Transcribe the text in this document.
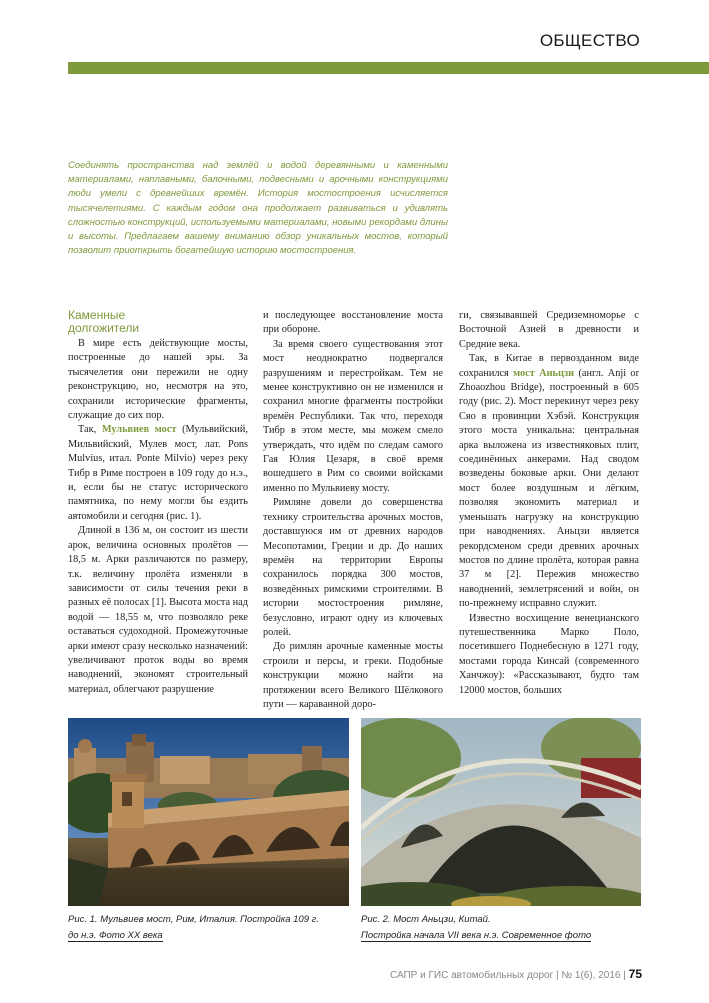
ОБЩЕСТВО
Соединять пространства над землёй и водой деревянными и каменными материалами, наплавными, балочными, подвесными и арочными конструкциями люди умели с древнейших времён. История мостостроения исчисляется тысячелетиями. С каждым годом она продолжает развиваться и удивлять сложностью конструкций, используемыми материалами, новыми рекордами длины и высоты. Предлагаем вашему вниманию обзор уникальных мостов, который позволит приоткрыть богатейшую историю мостостроения.
Каменные
долгожители

В мире есть действующие мосты, построенные до нашей эры. За тысячелетия они пережили не одну реконструкцию, но, несмотря на это, сохранили исторические фрагменты, служащие до сих пор.

Так, Мульвиев мост (Мульвийский, Мильвийский, Мулев мост, лат. Pons Mulvius, итал. Ponte Milvio) через реку Тибр в Риме построен в 109 году до н.э., и, если бы не статус исторического памятника, по нему могли бы ездить автомобили и сегодня (рис. 1).

Длиной в 136 м, он состоит из шести арок, величина основных пролётов — 18,5 м. Арки различаются по размеру, т.к. величину пролёта изменяли в зависимости от силы течения реки в разных её полосах [1]. Высота моста над водой — 18,55 м, что позволяло реке оставаться судоходной. Промежуточные арки имеют сразу несколько назначений: увеличивают проток воды во время наводнений, экономят строительный материал, облегчают разрушение

и последующее восстановление моста при обороне.

За время своего существования этот мост неоднократно подвергался разрушениям и перестройкам. Тем не менее конструктивно он не изменился и сохранил многие фрагменты постройки времён Республики. Так что, переходя Тибр в этом месте, мы можем смело утверждать, что идём по следам самого Гая Юлия Цезаря, в своё время вошедшего в Рим со своими войсками именно по Мульвиеву мосту.

Римляне довели до совершенства технику строительства арочных мостов, доставшуюся им от древних народов Месопотамии, Греции и др. До наших времён на территории Европы сохранилось порядка 300 мостов, возведённых римскими строителями. В истории мостостроения римляне, безусловно, играют одну из ключевых ролей.

До римлян арочные каменные мосты строили и персы, и греки. Подобные конструкции можно найти на протяжении всего Великого Шёлкового пути — караванной доро-

ги, связывавшей Средиземноморье с Восточной Азией в древности и Средние века.

Так, в Китае в первозданном виде сохранился мост Аньцзи (англ. Anji or Zhoaozhou Bridge), построенный в 605 году (рис. 2). Мост перекинут через реку Сяо в провинции Хэбэй. Конструкция этого моста уникальна: центральная арка выложена из известняковых плит, соединённых анкерами. Над сводом возведены боковые арки. Они делают мост более воздушным и лёгким, позволяя экономить материал и уменьшать нагрузку на конструкцию при наводнениях. Аньцзи является рекордсменом среди древних арочных мостов по длине пролёта, которая равна 37 м [2]. Пережив множество наводнений, землетрясений и войн, он по-прежнему исправно служит.

Известно восхищение венецианского путешественника Марко Поло, посетившего Поднебесную в 1271 году, мостами города Кинсай (современного Ханчжоу): «Рассказывают, будто там 12000 мостов, больших

Рис. 1. Мульвиев мост, Рим, Италия. Постройка 109 г.
до н.э. Фото XX века
Рис. 2. Мост Аньцзи, Китай.
Постройка начала VII века н.э. Современное фото
САПР и ГИС автомобильных дорог | № 1(6), 2016 | 75
